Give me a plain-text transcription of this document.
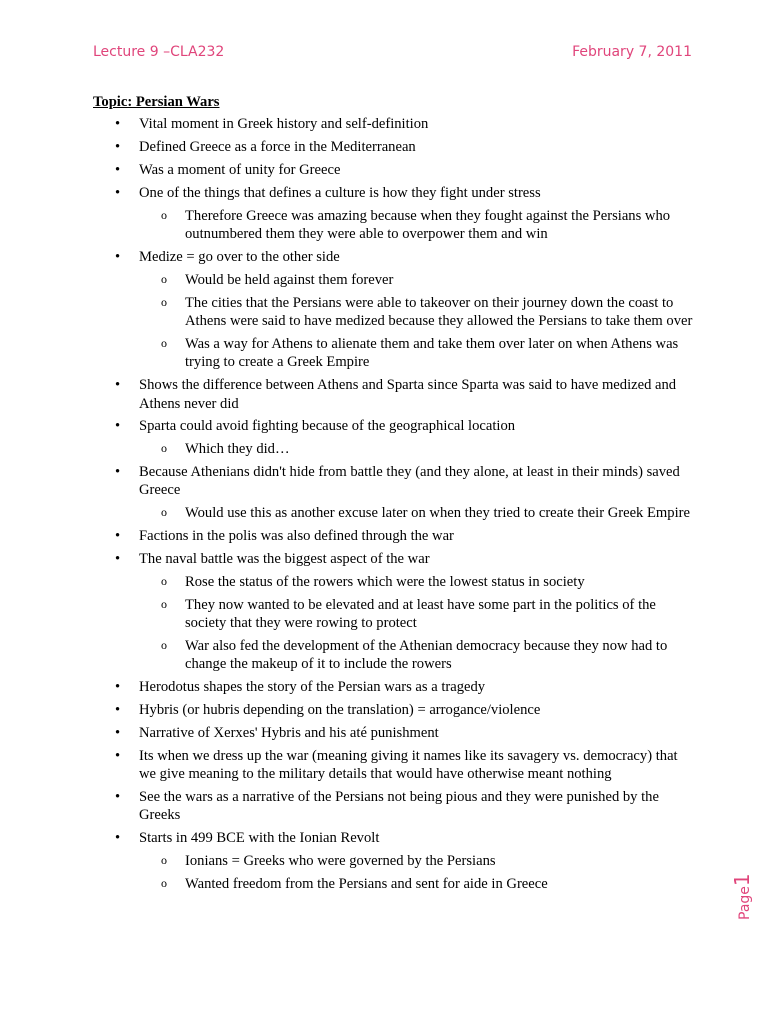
Lecture 9 –CLA232	February 7, 2011
Topic: Persian Wars
• Vital moment in Greek history and self-definition
• Defined Greece as a force in the Mediterranean
• Was a moment of unity for Greece
• One of the things that defines a culture is how they fight under stress
o Therefore Greece was amazing because when they fought against the Persians who outnumbered them they were able to overpower them and win
• Medize = go over to the other side
o Would be held against them forever
o The cities that the Persians were able to takeover on their journey down the coast to Athens were said to have medized because they allowed the Persians to take them over
o Was a way for Athens to alienate them and take them over later on when Athens was trying to create a Greek Empire
• Shows the difference between Athens and Sparta since Sparta was said to have medized and Athens never did
• Sparta could avoid fighting because of the geographical location
o Which they did…
• Because Athenians didn't hide from battle they (and they alone, at least in their minds) saved Greece
o Would use this as another excuse later on when they tried to create their Greek Empire
• Factions in the polis was also defined through the war
• The naval battle was the biggest aspect of the war
o Rose the status of the rowers which were the lowest status in society
o They now wanted to be elevated and at least have some part in the politics of the society that they were rowing to protect
o War also fed the development of the Athenian democracy because they now had to change the makeup of it to include the rowers
• Herodotus shapes the story of the Persian wars as a tragedy
• Hybris (or hubris depending on the translation) = arrogance/violence
• Narrative of Xerxes' Hybris and his até punishment
• Its when we dress up the war (meaning giving it names like its savagery vs. democracy) that we give meaning to the military details that would have otherwise meant nothing
• See the wars as a narrative of the Persians not being pious and they were punished by the Greeks
• Starts in 499 BCE with the Ionian Revolt
o Ionians = Greeks who were governed by the Persians
o Wanted freedom from the Persians and sent for aide in Greece
Page1
